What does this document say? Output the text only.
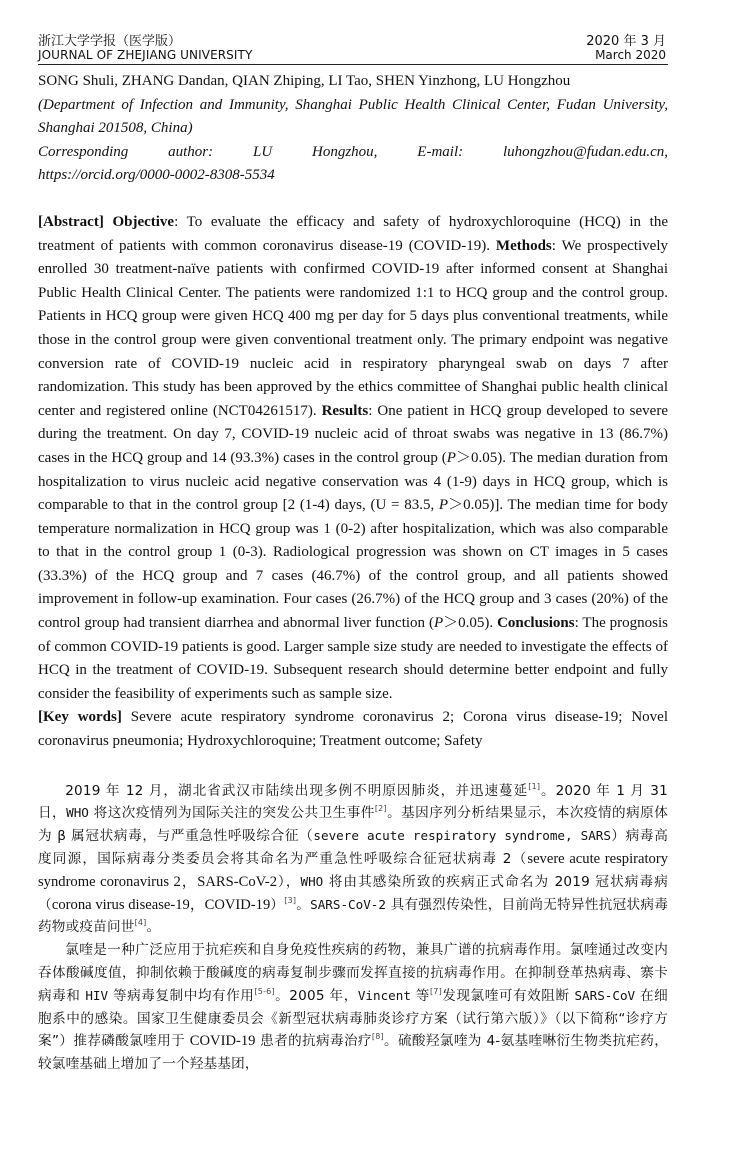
浙江大学学报（医学版）
JOURNAL OF ZHEJIANG UNIVERSITY
2020 年 3 月
March 2020
SONG Shuli, ZHANG Dandan, QIAN Zhiping, LI Tao, SHEN Yinzhong, LU Hongzhou
(Department of Infection and Immunity, Shanghai Public Health Clinical Center, Fudan University, Shanghai 201508, China)
Corresponding author:	LU Hongzhou,	E-mail:	luhongzhou@fudan.edu.cn,
https://orcid.org/0000-0002-8308-5534
[Abstract] Objective: To evaluate the efficacy and safety of hydroxychloroquine (HCQ) in the treatment of patients with common coronavirus disease-19 (COVID-19). Methods: We prospectively enrolled 30 treatment-naïve patients with confirmed COVID-19 after informed consent at Shanghai Public Health Clinical Center. The patients were randomized 1:1 to HCQ group and the control group. Patients in HCQ group were given HCQ 400 mg per day for 5 days plus conventional treatments, while those in the control group were given conventional treatment only. The primary endpoint was negative conversion rate of COVID-19 nucleic acid in respiratory pharyngeal swab on days 7 after randomization. This study has been approved by the ethics committee of Shanghai public health clinical center and registered online (NCT04261517). Results: One patient in HCQ group developed to severe during the treatment. On day 7, COVID-19 nucleic acid of throat swabs was negative in 13 (86.7%) cases in the HCQ group and 14 (93.3%) cases in the control group (P＞0.05). The median duration from hospitalization to virus nucleic acid negative conservation was 4 (1-9) days in HCQ group, which is comparable to that in the control group [2 (1-4) days, (U = 83.5, P＞0.05)]. The median time for body temperature normalization in HCQ group was 1 (0-2) after hospitalization, which was also comparable to that in the control group 1 (0-3). Radiological progression was shown on CT images in 5 cases (33.3%) of the HCQ group and 7 cases (46.7%) of the control group, and all patients showed improvement in follow-up examination. Four cases (26.7%) of the HCQ group and 3 cases (20%) of the control group had transient diarrhea and abnormal liver function (P＞0.05). Conclusions: The prognosis of common COVID-19 patients is good. Larger sample size study are needed to investigate the effects of HCQ in the treatment of COVID-19. Subsequent research should determine better endpoint and fully consider the feasibility of experiments such as sample size.
[Key words] Severe acute respiratory syndrome coronavirus 2; Corona virus disease-19; Novel coronavirus pneumonia; Hydroxychloroquine; Treatment outcome; Safety

2019 年 12 月，湖北省武汉市陆续出现多例不明原因肺炎，并迅速蔓延[1]。2020 年 1 月 31 日，WHO 将这次疫情列为国际关注的突发公共卫生事件[2]。基因序列分析结果显示，本次疫情的病原体为 β 属冠状病毒，与严重急性呼吸综合征（severe acute respiratory syndrome, SARS）病毒高度同源，国际病毒分类委员会将其命名为严重急性呼吸综合征冠状病毒 2（severe acute respiratory syndrome coronavirus 2，SARS-CoV-2），WHO 将由其感染所致的疾病正式命名为 2019 冠状病毒病（corona virus disease-19，COVID-19）[3]。SARS-CoV-2 具有强烈传染性，目前尚无特异性抗冠状病毒药物或疫苗问世[4]。

氯喹是一种广泛应用于抗疟疾和自身免疫性疾病的药物，兼具广谱的抗病毒作用。氯喹通过改变内吞体酸碱度值，抑制依赖于酸碱度的病毒复制步骤而发挥直接的抗病毒作用。在抑制登革热病毒、寨卡病毒和 HIV 等病毒复制中均有作用[5-6]。2005 年，Vincent 等[7]发现氯喹可有效阻断 SARS-CoV 在细胞系中的感染。国家卫生健康委员会《新型冠状病毒肺炎诊疗方案（试行第六版）》（以下简称“诊疗方案”）推荐磷酸氯喹用于 COVID-19 患者的抗病毒治疗[8]。硫酸羟氯喹为 4-氨基喹啉衍生物类抗疟药，较氯喹基础上增加了一个羟基基团，
